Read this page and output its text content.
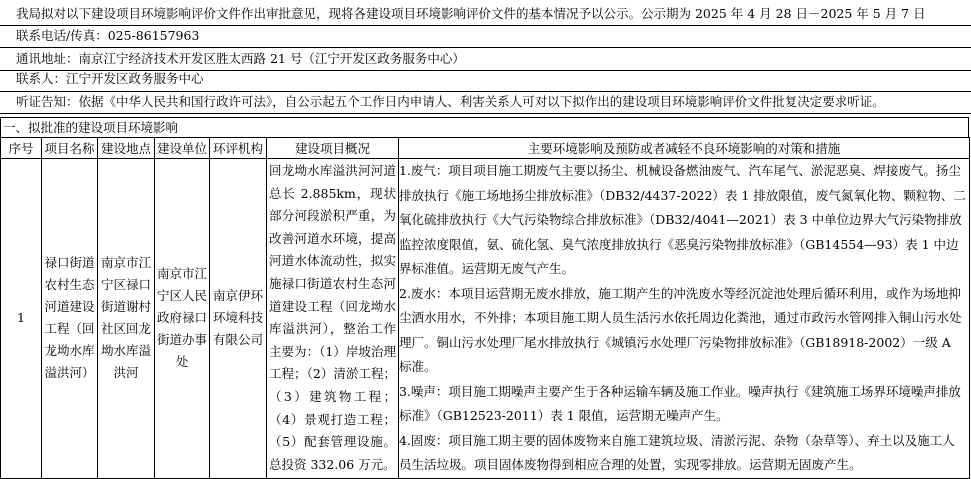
我局拟对以下建设项目环境影响评价文件作出审批意见，现将各建设项目环境影响评价文件的基本情况予以公示。公示期为 2025 年 4 月 28 日－2025 年 5 月 7 日
联系电话/传真：025-86157963
通讯地址：南京江宁经济技术开发区胜太西路 21 号（江宁开发区政务服务中心）
联系人：江宁开发区政务服务中心
听证告知：依据《中华人民共和国行政许可法》，自公示起五个工作日内申请人、利害关系人可对以下拟作出的建设项目环境影响评价文件批复决定要求听证。
一、拟批准的建设项目环境影响
序号	项目名称	建设地点	建设单位	环评机构	建设项目概况	主要环境影响及预防或者减轻不良环境影响的对策和措施
1	禄口街道农村生态河道建设工程（回龙坳水库溢洪河）	南京市江宁区禄口街道谢村社区回龙坳水库溢洪河	南京市江宁区人民政府禄口街道办事处	南京伊环环境科技有限公司	回龙坳水库溢洪河河道总长 2.885km，现状部分河段淤积严重，为改善河道水环境，提高河道水体流动性，拟实施禄口街道农村生态河道建设工程（回龙坳水库溢洪河），整治工作主要为：（1）岸坡治理工程；（2）清淤工程；（3）建筑物工程；（4）景观打造工程；（5）配套管理设施。总投资 332.06 万元。	1.废气：项目项目施工期废气主要以扬尘、机械设备燃油废气、汽车尾气、淤泥恶臭、焊接废气。扬尘排放执行《施工场地扬尘排放标准》（DB32/4437-2022）表 1 排放限值，废气氮氧化物、颗粒物、二氧化硫排放执行《大气污染物综合排放标准》（DB32/4041—2021）表 3 中单位边界大气污染物排放监控浓度限值，氨、硫化氢、臭气浓度排放执行《恶臭污染物排放标准》（GB14554—93）表 1 中边界标准值。运营期无废气产生。
2.废水：本项目运营期无废水排放，施工期产生的冲洗废水等经沉淀池处理后循环利用，或作为场地抑尘洒水用水，不外排；本项目施工期人员生活污水依托周边化粪池，通过市政污水管网排入铜山污水处理厂。铜山污水处理厂尾水排放执行《城镇污水处理厂污染物排放标准》（GB18918-2002）一级 A 标准。
3.噪声：项目施工期噪声主要产生于各种运输车辆及施工作业。噪声执行《建筑施工场界环境噪声排放标准》（GB12523-2011）表 1 限值，运营期无噪声产生。
4.固废：项目施工期主要的固体废物来自施工建筑垃圾、清淤污泥、杂物（杂草等）、弃土以及施工人员生活垃圾。项目固体废物得到相应合理的处置，实现零排放。运营期无固废产生。
